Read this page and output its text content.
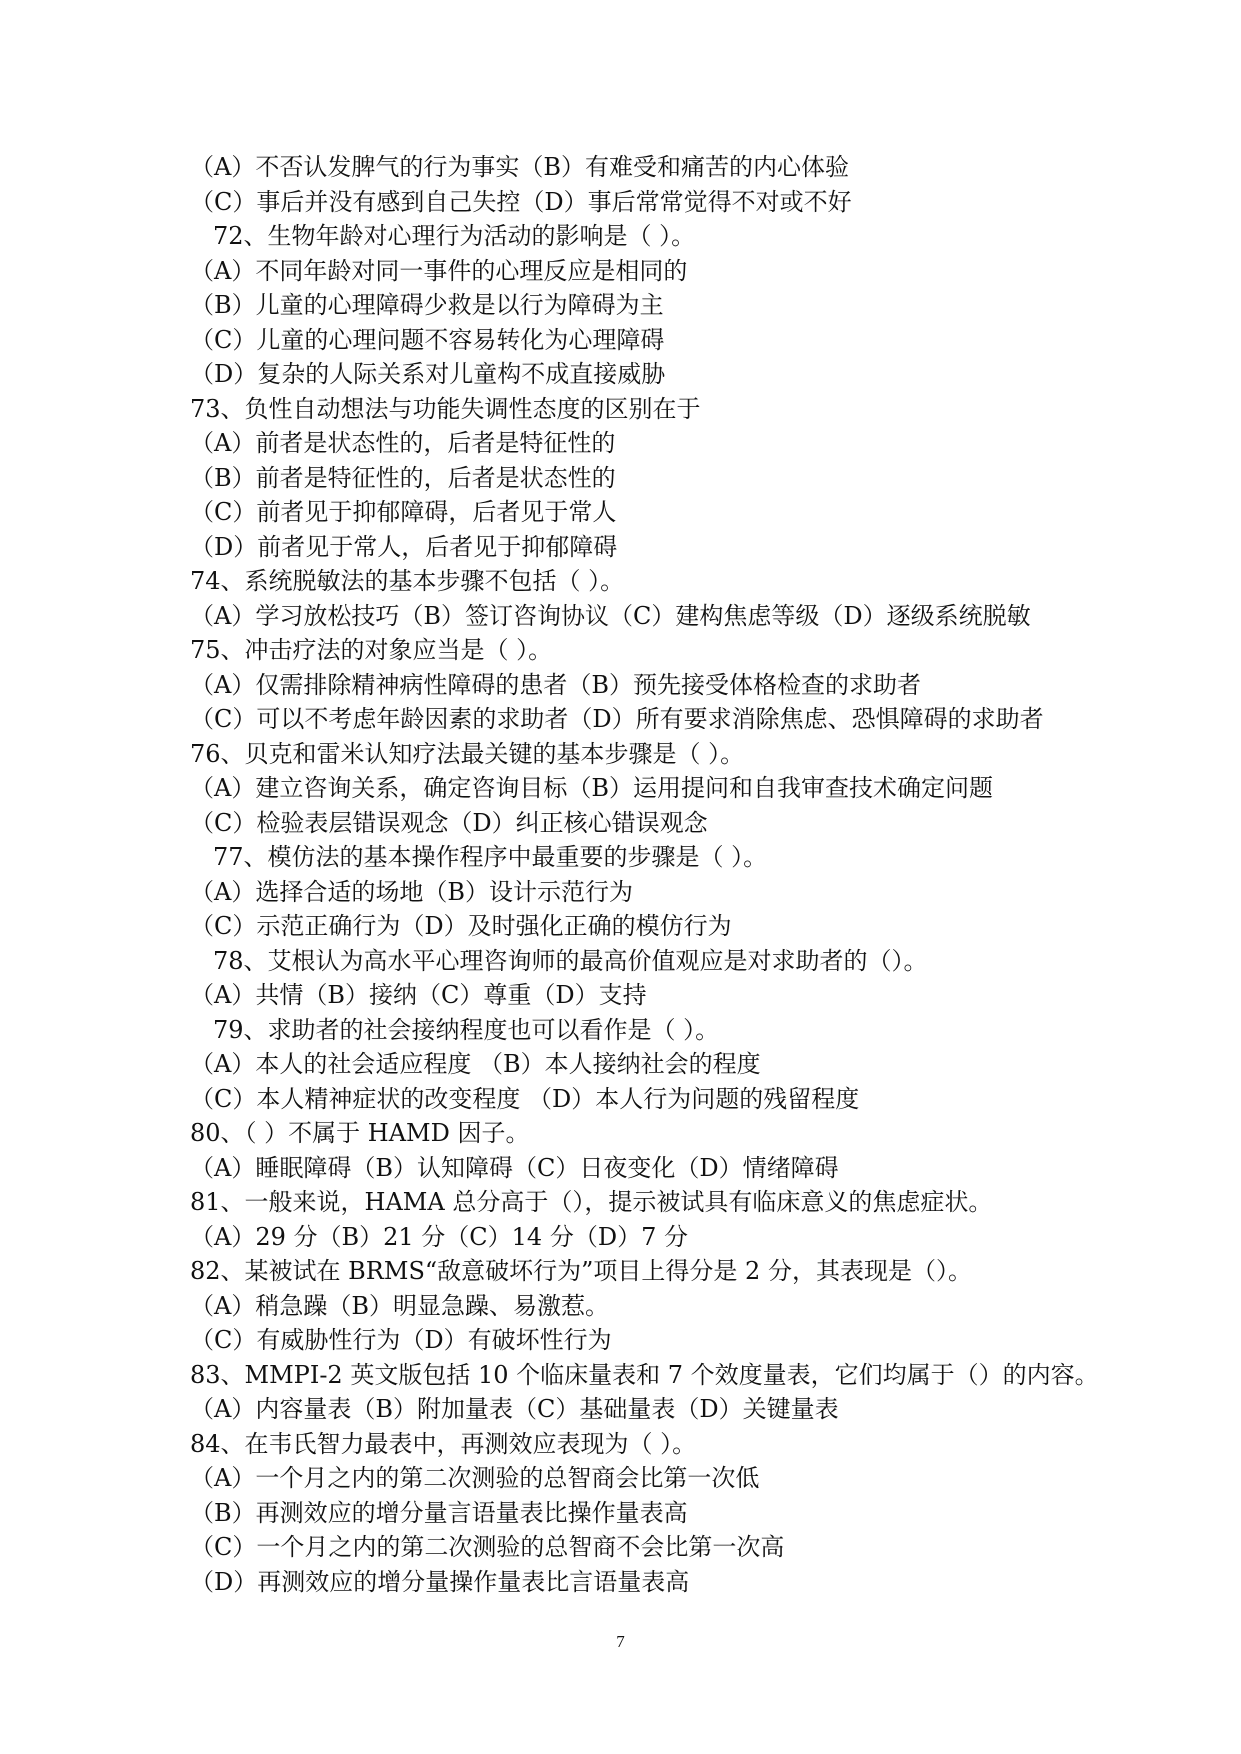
（A）不否认发脾气的行为事实（B）有难受和痛苦的内心体验
（C）事后并没有感到自己失控（D）事后常常觉得不对或不好
72、生物年龄对心理行为活动的影响是（ ）。
（A）不同年龄对同一事件的心理反应是相同的
（B）儿童的心理障碍少救是以行为障碍为主
（C）儿童的心理问题不容易转化为心理障碍
（D）复杂的人际关系对儿童构不成直接威胁
73、负性自动想法与功能失调性态度的区别在于
（A）前者是状态性的，后者是特征性的
（B）前者是特征性的，后者是状态性的
（C）前者见于抑郁障碍，后者见于常人
（D）前者见于常人，后者见于抑郁障碍
74、系统脱敏法的基本步骤不包括（ ）。
（A）学习放松技巧（B）签订咨询协议（C）建构焦虑等级（D）逐级系统脱敏
75、冲击疗法的对象应当是（ ）。
（A）仅需排除精神病性障碍的患者（B）预先接受体格检查的求助者
（C）可以不考虑年龄因素的求助者（D）所有要求消除焦虑、恐惧障碍的求助者
76、贝克和雷米认知疗法最关键的基本步骤是（ ）。
（A）建立咨询关系，确定咨询目标（B）运用提问和自我审查技术确定问题
（C）检验表层错误观念（D）纠正核心错误观念
77、模仿法的基本操作程序中最重要的步骤是（ ）。
（A）选择合适的场地（B）设计示范行为
（C）示范正确行为（D）及时强化正确的模仿行为
78、艾根认为高水平心理咨询师的最高价值观应是对求助者的（）。
（A）共情（B）接纳（C）尊重（D）支持
79、求助者的社会接纳程度也可以看作是（ ）。
（A）本人的社会适应程度 （B）本人接纳社会的程度
（C）本人精神症状的改变程度 （D）本人行为问题的残留程度
80、（ ）不属于 HAMD 因子。
（A）睡眠障碍（B）认知障碍（C）日夜变化（D）情绪障碍
81、一般来说，HAMA 总分高于（），提示被试具有临床意义的焦虑症状。
（A）29 分（B）21 分（C）14 分（D）7 分
82、某被试在 BRMS“敌意破坏行为”项目上得分是 2 分，其表现是（）。
（A）稍急躁（B）明显急躁、易激惹。
（C）有威胁性行为（D）有破坏性行为
83、MMPI-2 英文版包括 10 个临床量表和 7 个效度量表，它们均属于（）的内容。
（A）内容量表（B）附加量表（C）基础量表（D）关键量表
84、在韦氏智力最表中，再测效应表现为（ ）。
（A）一个月之内的第二次测验的总智商会比第一次低
（B）再测效应的增分量言语量表比操作量表高
（C）一个月之内的第二次测验的总智商不会比第一次高
（D）再测效应的增分量操作量表比言语量表高
7
